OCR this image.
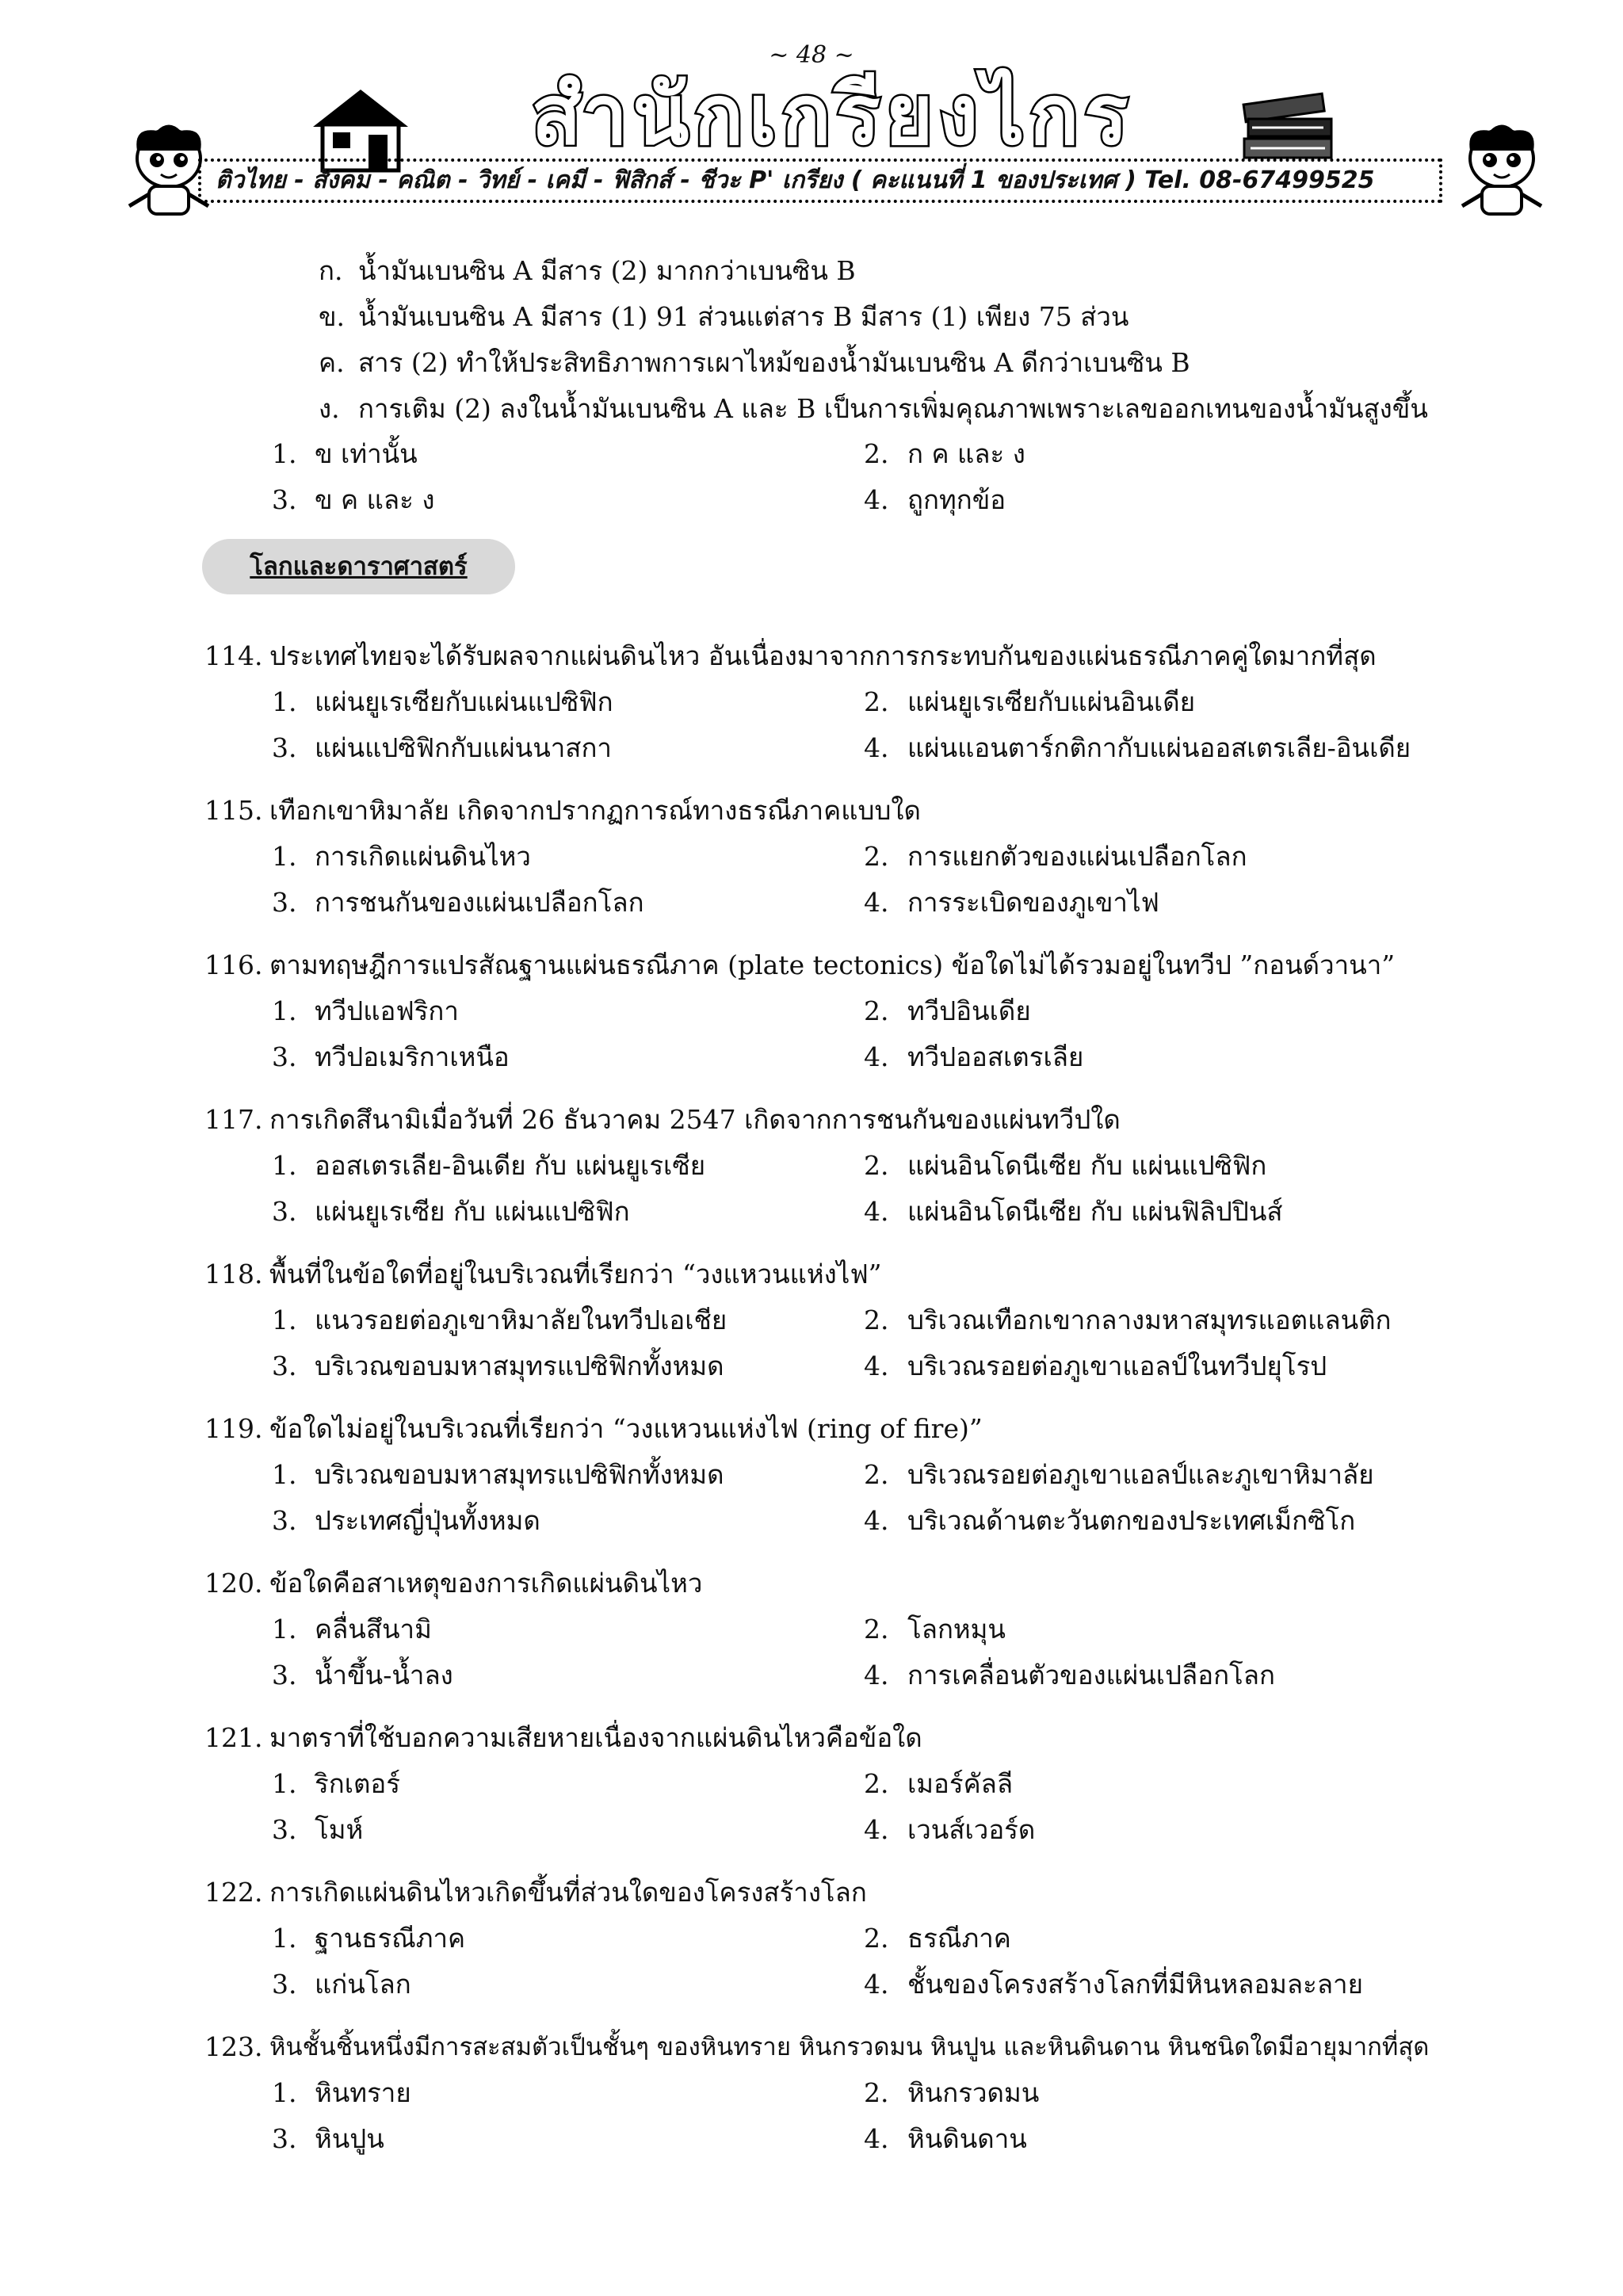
~ 48 ~
สำนักเกรียงไกร
ติวไทย - สังคม - คณิต - วิทย์ - เคมี - ฟิสิกส์ - ชีวะ P' เกรียง ( คะแนนที่ 1 ของประเทศ ) Tel. 08-67499525
ก. น้ำมันเบนซิน A มีสาร (2) มากกว่าเบนซิน B
ข. น้ำมันเบนซิน A มีสาร (1) 91 ส่วนแต่สาร B มีสาร (1) เพียง 75 ส่วน
ค. สาร (2) ทำให้ประสิทธิภาพการเผาไหม้ของน้ำมันเบนซิน A ดีกว่าเบนซิน B
ง. การเติม (2) ลงในน้ำมันเบนซิน A และ B เป็นการเพิ่มคุณภาพเพราะเลขออกเทนของน้ำมันสูงขึ้น
1. ข เท่านั้น	2. ก ค และ ง
3. ข ค และ ง	4. ถูกทุกข้อ
โลกและดาราศาสตร์
114. ประเทศไทยจะได้รับผลจากแผ่นดินไหว อันเนื่องมาจากการกระทบกันของแผ่นธรณีภาคคู่ใดมากที่สุด
1. แผ่นยูเรเซียกับแผ่นแปซิฟิก	2. แผ่นยูเรเซียกับแผ่นอินเดีย
3. แผ่นแปซิฟิกกับแผ่นนาสกา	4. แผ่นแอนตาร์กติกากับแผ่นออสเตรเลีย-อินเดีย
115. เทือกเขาหิมาลัย เกิดจากปรากฏการณ์ทางธรณีภาคแบบใด
1. การเกิดแผ่นดินไหว	2. การแยกตัวของแผ่นเปลือกโลก
3. การชนกันของแผ่นเปลือกโลก	4. การระเบิดของภูเขาไฟ
116. ตามทฤษฎีการแปรสัณฐานแผ่นธรณีภาค (plate tectonics) ข้อใดไม่ได้รวมอยู่ในทวีป ”กอนด์วานา”
1. ทวีปแอฟริกา	2. ทวีปอินเดีย
3. ทวีปอเมริกาเหนือ	4. ทวีปออสเตรเลีย
117. การเกิดสึนามิเมื่อวันที่ 26 ธันวาคม 2547 เกิดจากการชนกันของแผ่นทวีปใด
1. ออสเตรเลีย-อินเดีย กับ แผ่นยูเรเซีย	2. แผ่นอินโดนีเซีย กับ แผ่นแปซิฟิก
3. แผ่นยูเรเซีย กับ แผ่นแปซิฟิก	4. แผ่นอินโดนีเซีย กับ แผ่นฟิลิปปินส์
118. พื้นที่ในข้อใดที่อยู่ในบริเวณที่เรียกว่า “วงแหวนแห่งไฟ”
1. แนวรอยต่อภูเขาหิมาลัยในทวีปเอเชีย	2. บริเวณเทือกเขากลางมหาสมุทรแอตแลนติก
3. บริเวณขอบมหาสมุทรแปซิฟิกทั้งหมด	4. บริเวณรอยต่อภูเขาแอลป์ในทวีปยุโรป
119. ข้อใดไม่อยู่ในบริเวณที่เรียกว่า “วงแหวนแห่งไฟ (ring of fire)”
1. บริเวณขอบมหาสมุทรแปซิฟิกทั้งหมด	2. บริเวณรอยต่อภูเขาแอลป์และภูเขาหิมาลัย
3. ประเทศญี่ปุ่นทั้งหมด	4. บริเวณด้านตะวันตกของประเทศเม็กซิโก
120. ข้อใดคือสาเหตุของการเกิดแผ่นดินไหว
1. คลื่นสึนามิ	2. โลกหมุน
3. น้ำขึ้น-น้ำลง	4. การเคลื่อนตัวของแผ่นเปลือกโลก
121. มาตราที่ใช้บอกความเสียหายเนื่องจากแผ่นดินไหวคือข้อใด
1. ริกเตอร์	2. เมอร์คัลลี
3. โมห์	4. เวนส์เวอร์ด
122. การเกิดแผ่นดินไหวเกิดขึ้นที่ส่วนใดของโครงสร้างโลก
1. ฐานธรณีภาค	2. ธรณีภาค
3. แก่นโลก	4. ชั้นของโครงสร้างโลกที่มีหินหลอมละลาย
123. หินชั้นชิ้นหนึ่งมีการสะสมตัวเป็นชั้นๆ ของหินทราย หินกรวดมน หินปูน และหินดินดาน หินชนิดใดมีอายุมากที่สุด
1. หินทราย	2. หินกรวดมน
3. หินปูน	4. หินดินดาน
